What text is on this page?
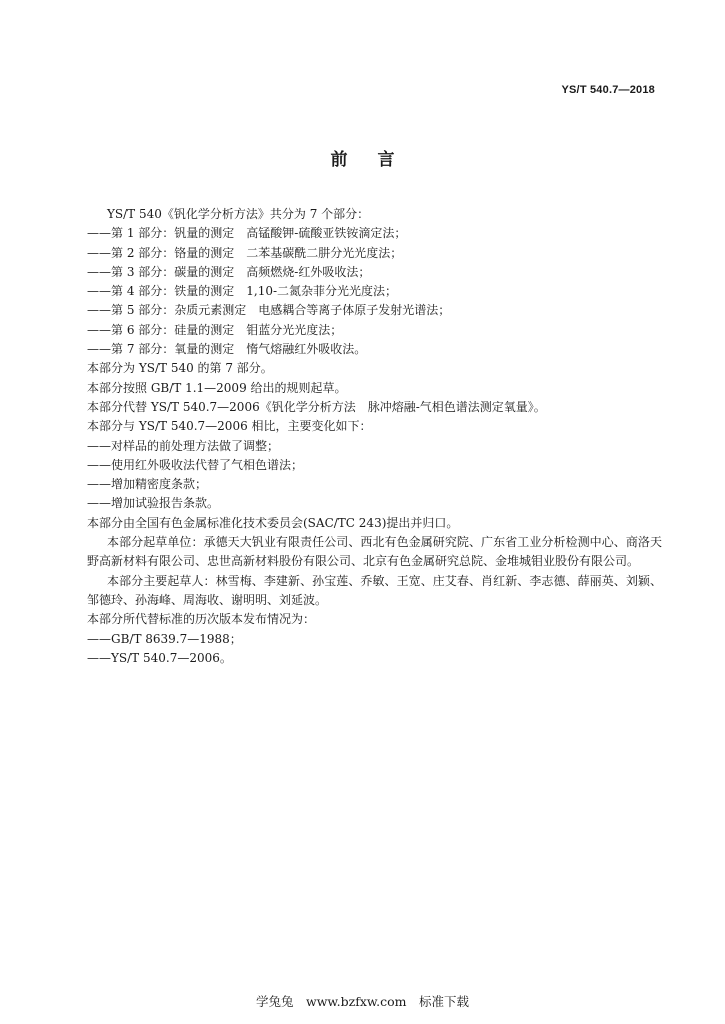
YS/T 540.7—2018
前言
YS/T 540《钒化学分析方法》共分为 7 个部分：
——第 1 部分：钒量的测定　高锰酸钾-硫酸亚铁铵滴定法；
——第 2 部分：铬量的测定　二苯基碳酰二肼分光光度法；
——第 3 部分：碳量的测定　高频燃烧-红外吸收法；
——第 4 部分：铁量的测定　1,10-二氮杂菲分光光度法；
——第 5 部分：杂质元素测定　电感耦合等离子体原子发射光谱法；
——第 6 部分：硅量的测定　钼蓝分光光度法；
——第 7 部分：氧量的测定　惰气熔融红外吸收法。
本部分为 YS/T 540 的第 7 部分。
本部分按照 GB/T 1.1—2009 给出的规则起草。
本部分代替 YS/T 540.7—2006《钒化学分析方法　脉冲熔融-气相色谱法测定氧量》。
本部分与 YS/T 540.7—2006 相比，主要变化如下：
——对样品的前处理方法做了调整；
——使用红外吸收法代替了气相色谱法；
——增加精密度条款；
——增加试验报告条款。
本部分由全国有色金属标准化技术委员会(SAC/TC 243)提出并归口。
本部分起草单位：承德天大钒业有限责任公司、西北有色金属研究院、广东省工业分析检测中心、商洛天野高新材料有限公司、忠世高新材料股份有限公司、北京有色金属研究总院、金堆城钼业股份有限公司。
本部分主要起草人：林雪梅、李建新、孙宝莲、乔敏、王宽、庄艾春、肖红新、李志德、薛丽英、刘颖、邹德玲、孙海峰、周海收、谢明明、刘延波。
本部分所代替标准的历次版本发布情况为：
——GB/T 8639.7—1988；
——YS/T 540.7—2006。
学兔兔　www.bzfxw.com　标准下载
